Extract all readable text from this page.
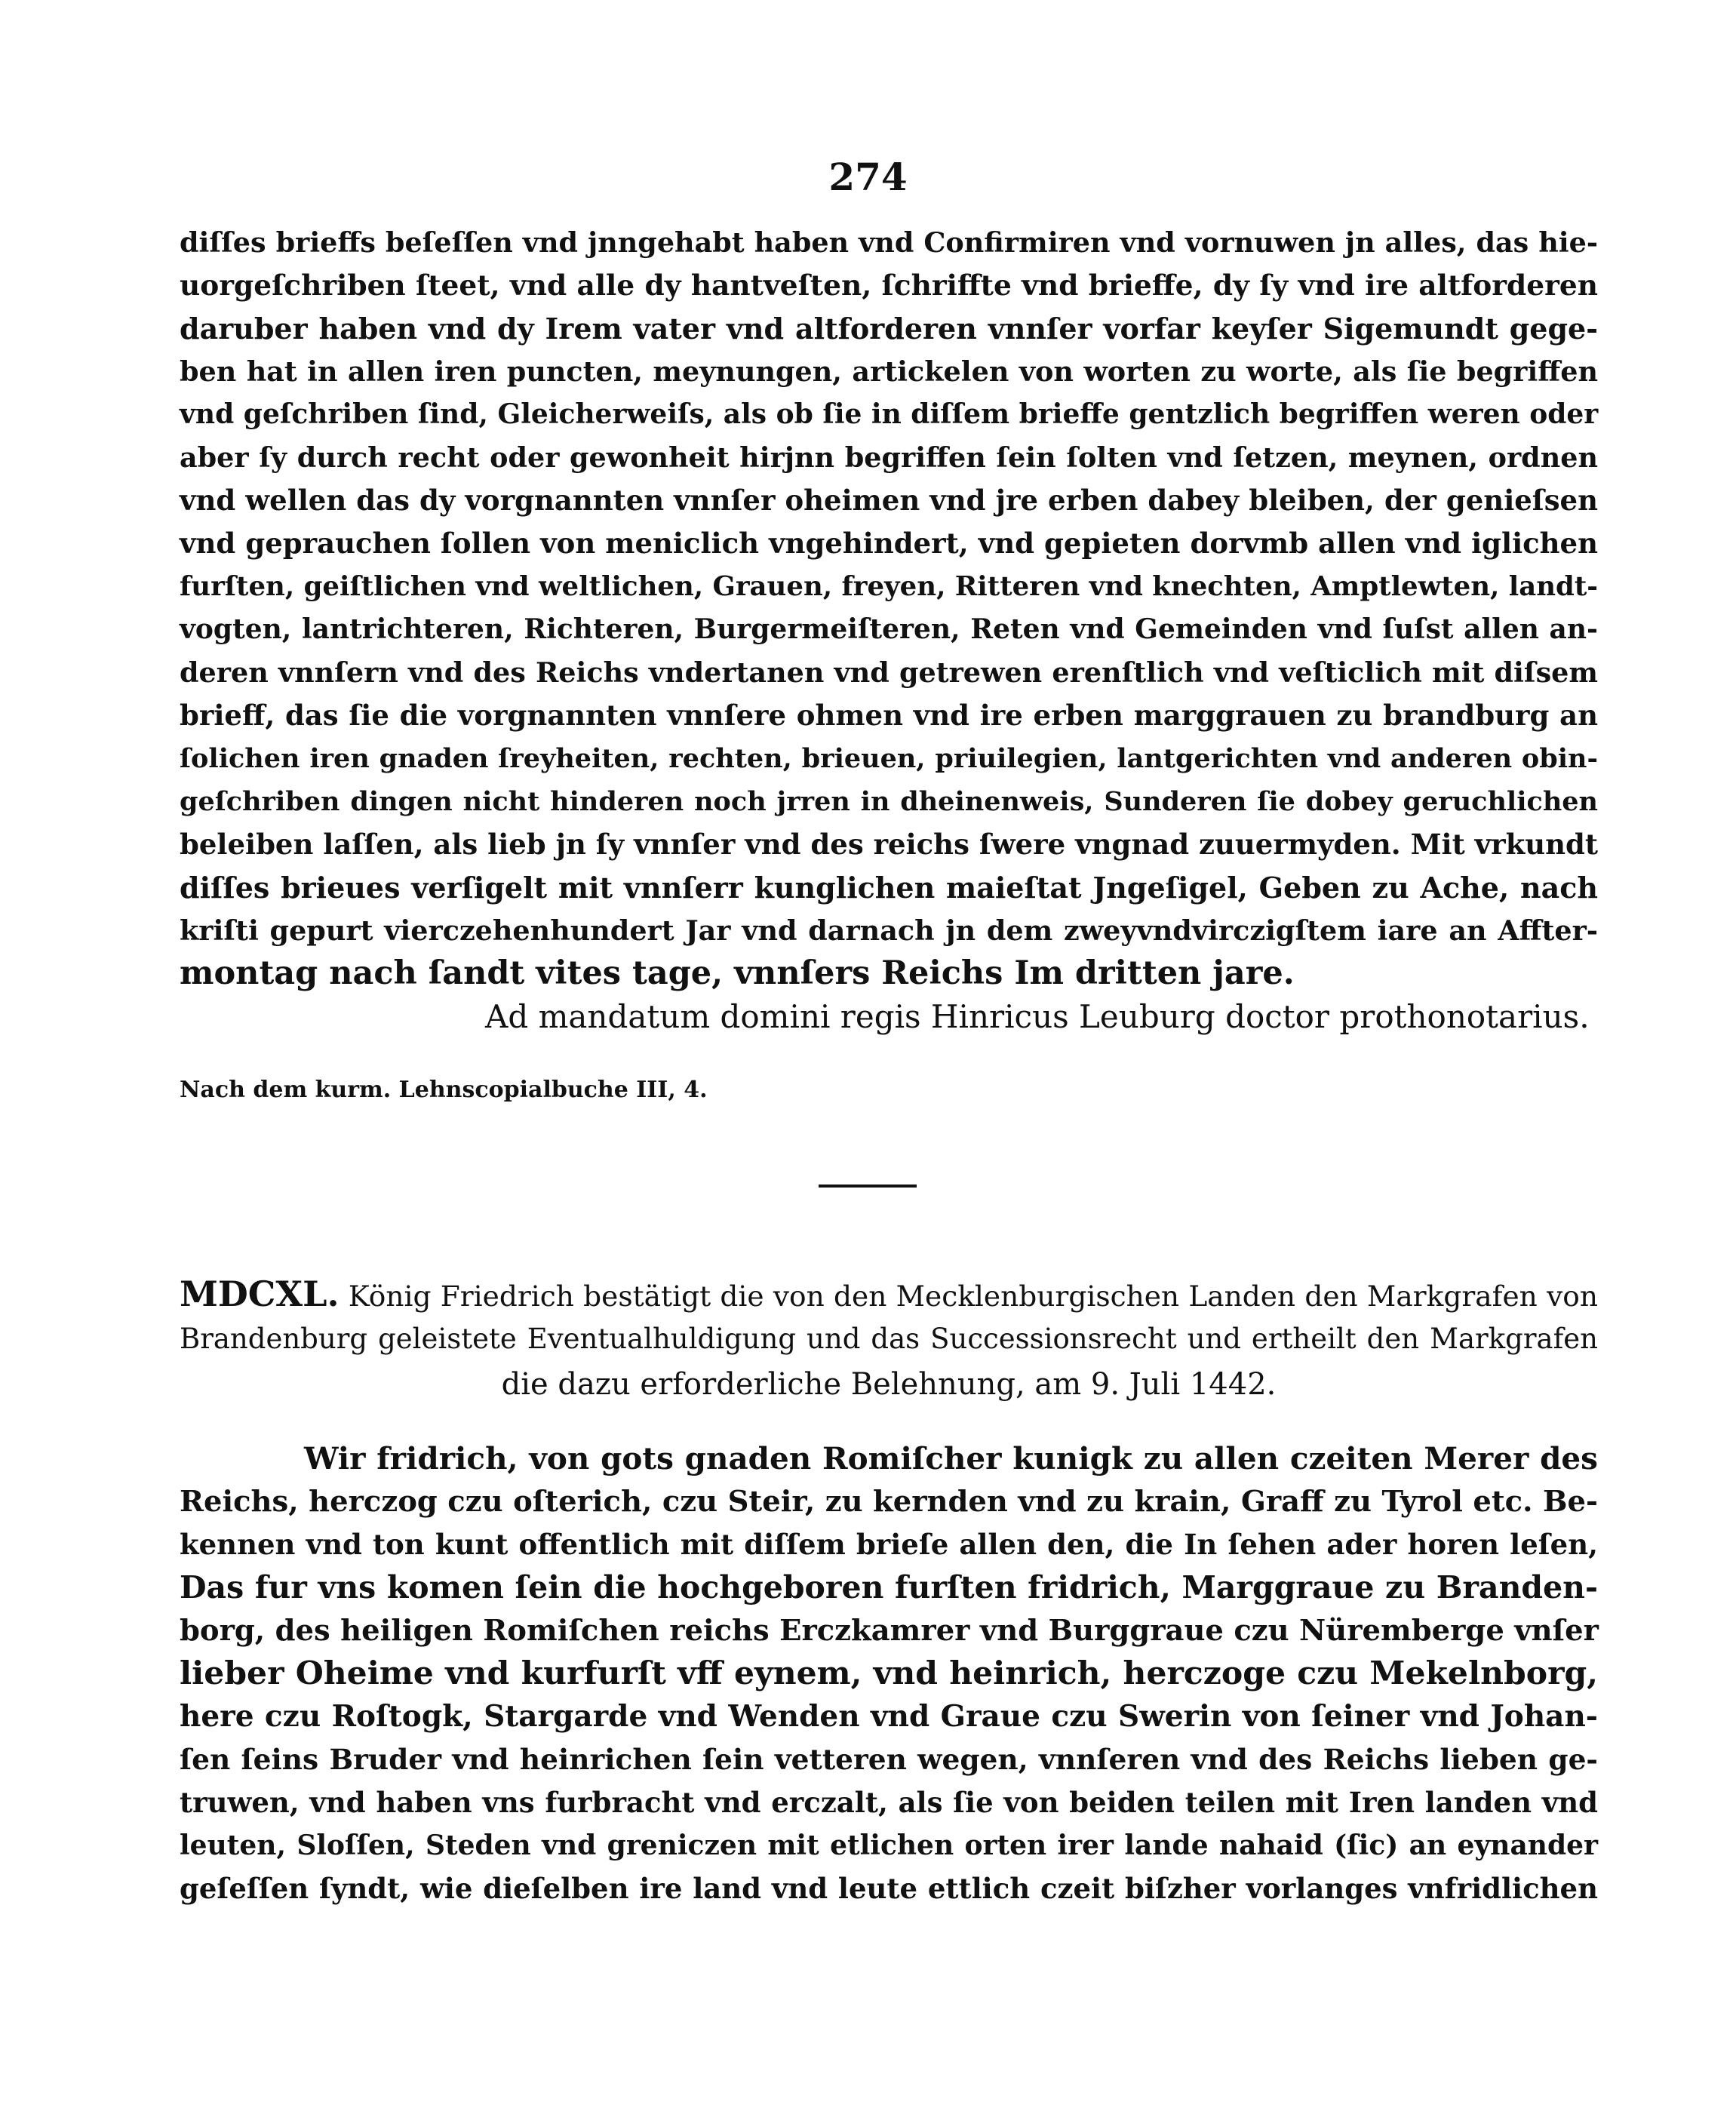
274
diſſes brieffs beſeſſen vnd jnngehabt haben vnd Confirmiren vnd vornuwen jn alles, das hie-
uorgeſchriben ſteet, vnd alle dy hantveſten, ſchriffte vnd brieffe, dy ſy vnd ire altforderen
daruber haben vnd dy Irem vater vnd altforderen vnnſer vorfar keyſer Sigemundt gege-
ben hat in allen iren puncten, meynungen, artickelen von worten zu worte, als ſie begriffen
vnd geſchriben ſind, Gleicherweiſs, als ob ſie in diſſem brieffe gentzlich begriffen weren oder
aber ſy durch recht oder gewonheit hirjnn begriffen ſein ſolten vnd ſetzen, meynen, ordnen
vnd wellen das dy vorgnannten vnnſer oheimen vnd jre erben dabey bleiben, der genieſsen
vnd geprauchen ſollen von meniclich vngehindert, vnd gepieten dorvmb allen vnd iglichen
furſten, geiſtlichen vnd weltlichen, Grauen, freyen, Ritteren vnd knechten, Amptlewten, landt-
vogten, lantrichteren, Richteren, Burgermeiſteren, Reten vnd Gemeinden vnd ſuſst allen an-
deren vnnſern vnd des Reichs vndertanen vnd getrewen erenſtlich vnd veſticlich mit diſsem
brieff, das ſie die vorgnannten vnnſere ohmen vnd ire erben marggrauen zu brandburg an
ſolichen iren gnaden ſreyheiten, rechten, brieuen, priuilegien, lantgerichten vnd anderen obin-
geſchriben dingen nicht hinderen noch jrren in dheinenweis, Sunderen ſie dobey geruchlichen
beleiben laſſen, als lieb jn ſy vnnſer vnd des reichs ſwere vngnad zuuermyden. Mit vrkundt
diſſes brieues verſigelt mit vnnſerr kunglichen maieſtat Jngeſigel, Geben zu Ache, nach
kriſti gepurt vierczehenhundert Jar vnd darnach jn dem zweyvndvirczigſtem iare an Affter-
montag nach ſandt vites tage, vnnſers Reichs Im dritten jare.
Ad mandatum domini regis Hinricus Leuburg doctor prothonotarius.
Nach dem kurm. Lehnscopialbuche III, 4.
MDCXL. König Friedrich bestätigt die von den Mecklenburgischen Landen den Markgrafen von
Brandenburg geleistete Eventualhuldigung und das Successionsrecht und ertheilt den Markgrafen
die dazu erforderliche Belehnung, am 9. Juli 1442.
Wir fridrich, von gots gnaden Romiſcher kunigk zu allen czeiten Merer des
Reichs, herczog czu oſterich, czu Steir, zu kernden vnd zu krain, Graff zu Tyrol etc. Be-
kennen vnd ton kunt offentlich mit diſſem brieſe allen den, die In ſehen ader horen leſen,
Das fur vns komen ſein die hochgeboren furſten fridrich, Marggraue zu Branden-
borg, des heiligen Romiſchen reichs Erczkamrer vnd Burggraue czu Nüremberge vnſer
lieber Oheime vnd kurfurſt vff eynem, vnd heinrich, herczoge czu Mekelnborg,
here czu Roſtogk, Stargarde vnd Wenden vnd Graue czu Swerin von ſeiner vnd Johan-
ſen ſeins Bruder vnd heinrichen ſein vetteren wegen, vnnſeren vnd des Reichs lieben ge-
truwen, vnd haben vns furbracht vnd erczalt, als ſie von beiden teilen mit Iren landen vnd
leuten, Sloſſen, Steden vnd greniczen mit etlichen orten irer lande nahaid (ſic) an eynander
geſeſſen ſyndt, wie dieſelben ire land vnd leute ettlich czeit biſzher vorlanges vnfridlichen
